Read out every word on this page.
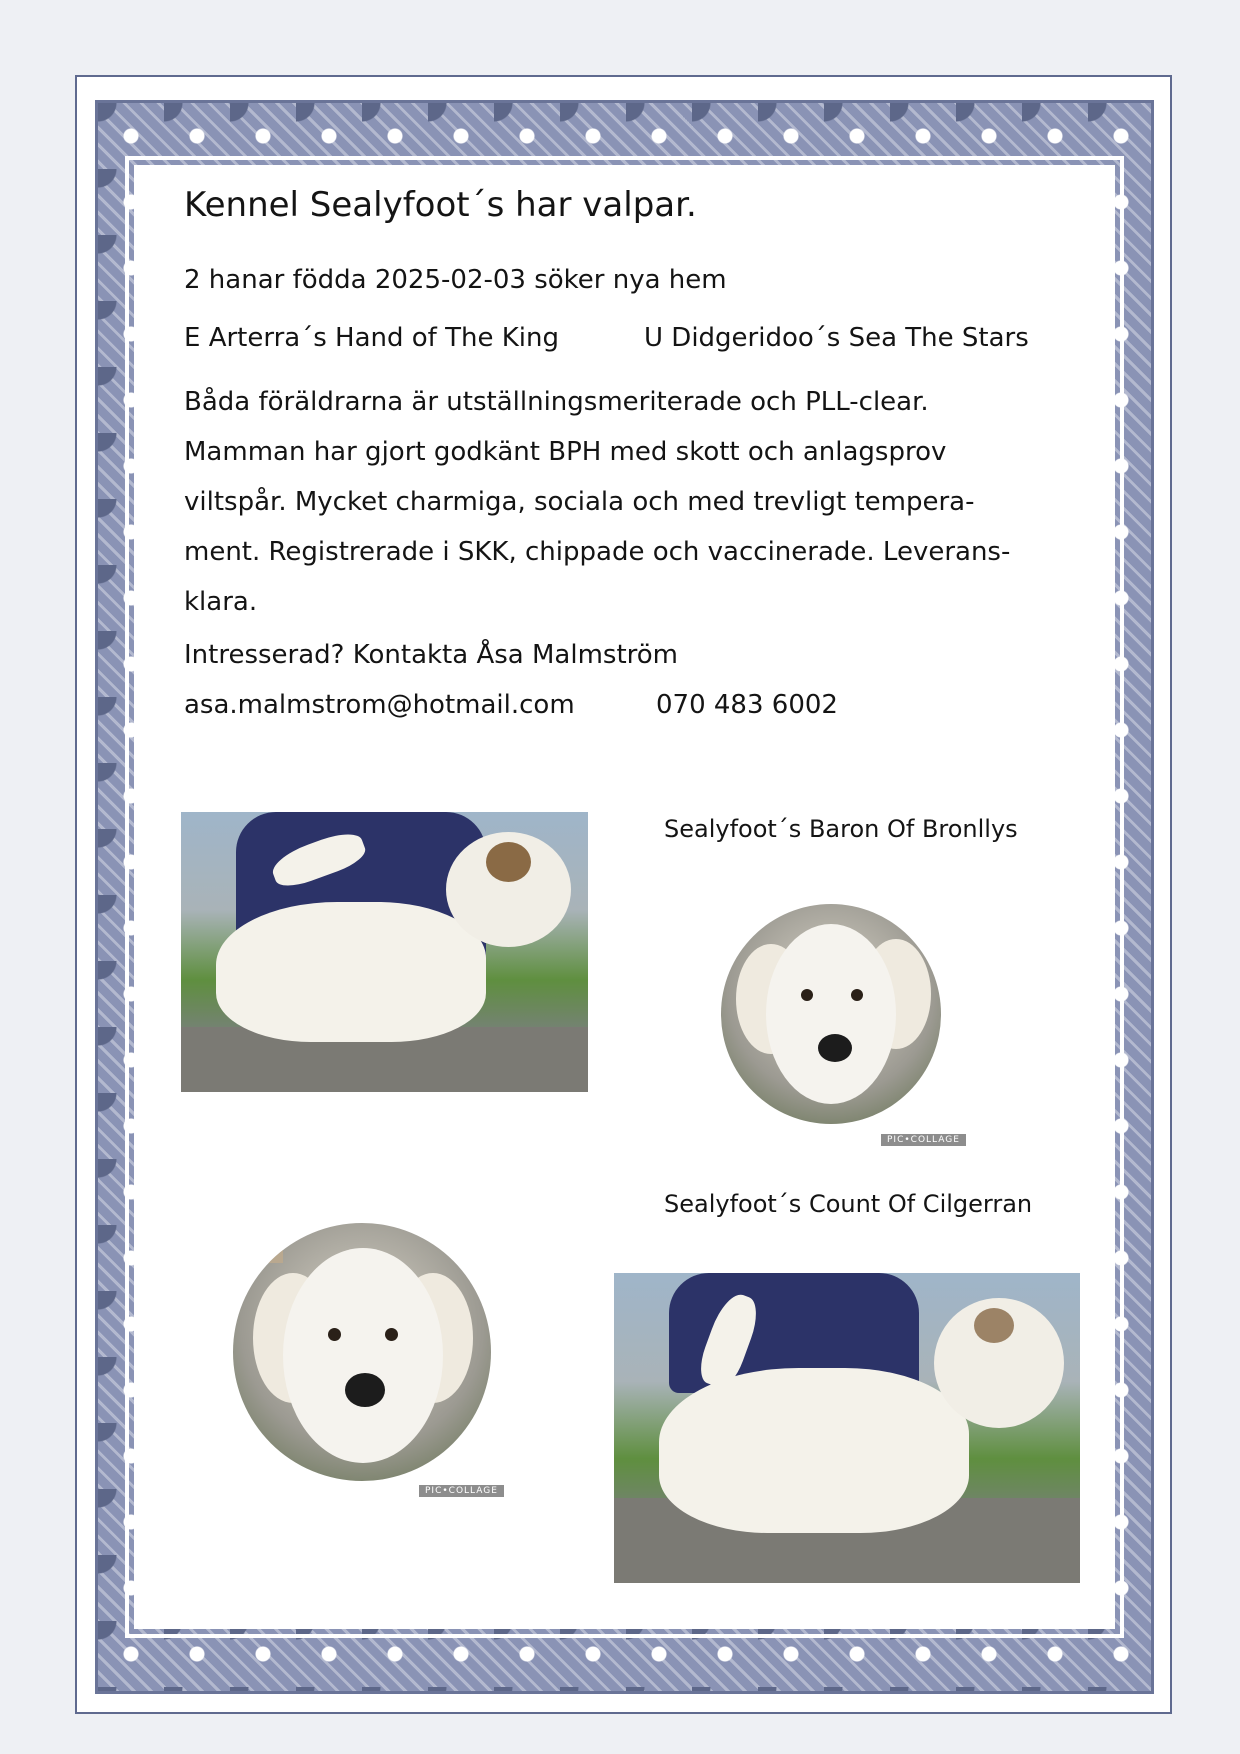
Kennel Sealyfoot´s har valpar.
2 hanar födda 2025-02-03 söker nya hem
E Arterra´s Hand of The King	U Didgeridoo´s Sea The Stars
Båda föräldrarna är utställningsmeriterade och PLL-clear.
Mamman har gjort godkänt BPH med skott och anlagsprov
viltspår. Mycket charmiga, sociala och med trevligt tempera-
ment. Registrerade i SKK, chippade och vaccinerade. Leverans-
klara.
Intresserad? Kontakta Åsa Malmström
asa.malmstrom@hotmail.com	070 483 6002
Sealyfoot´s Baron Of Bronllys
PIC•COLLAGE
Sealyfoot´s Count Of Cilgerran
PIC•COLLAGE
